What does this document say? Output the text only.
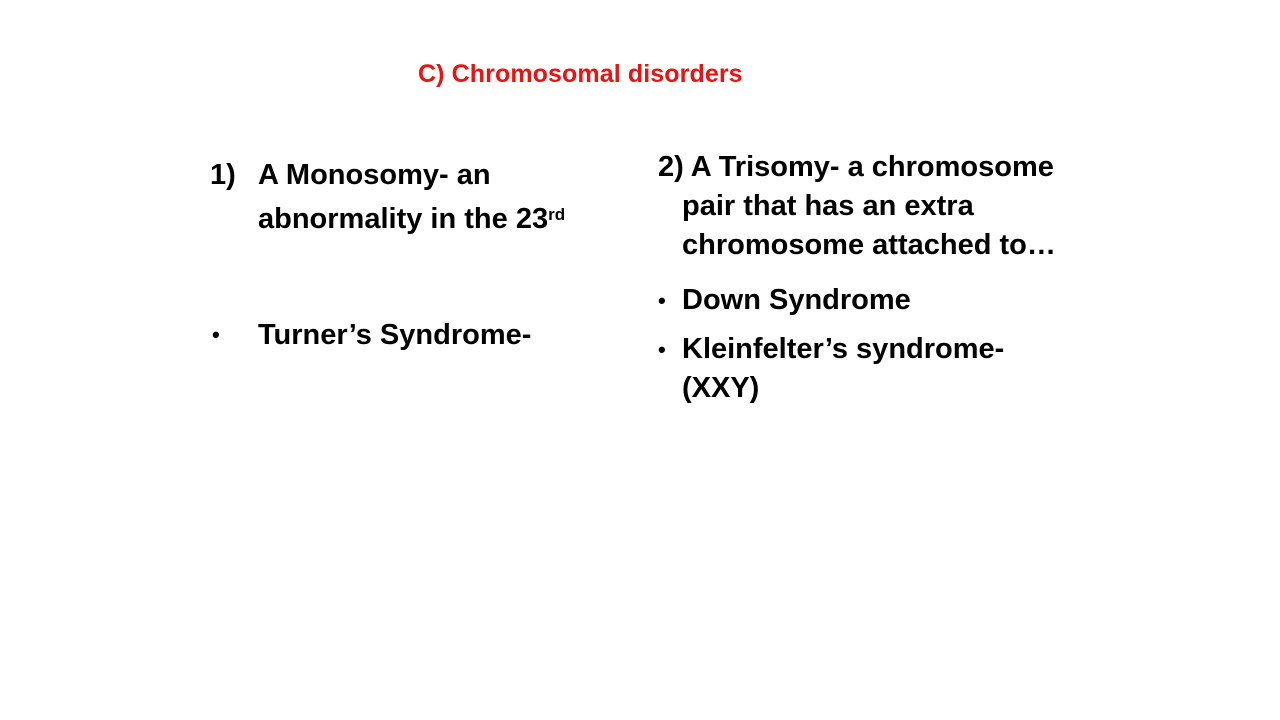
C) Chromosomal disorders
1) A Monosomy- an abnormality in the 23rd
• Turner’s Syndrome-
2) A Trisomy- a chromosome pair that has an extra chromosome attached to…
• Down Syndrome
• Kleinfelter’s syndrome- (XXY)
